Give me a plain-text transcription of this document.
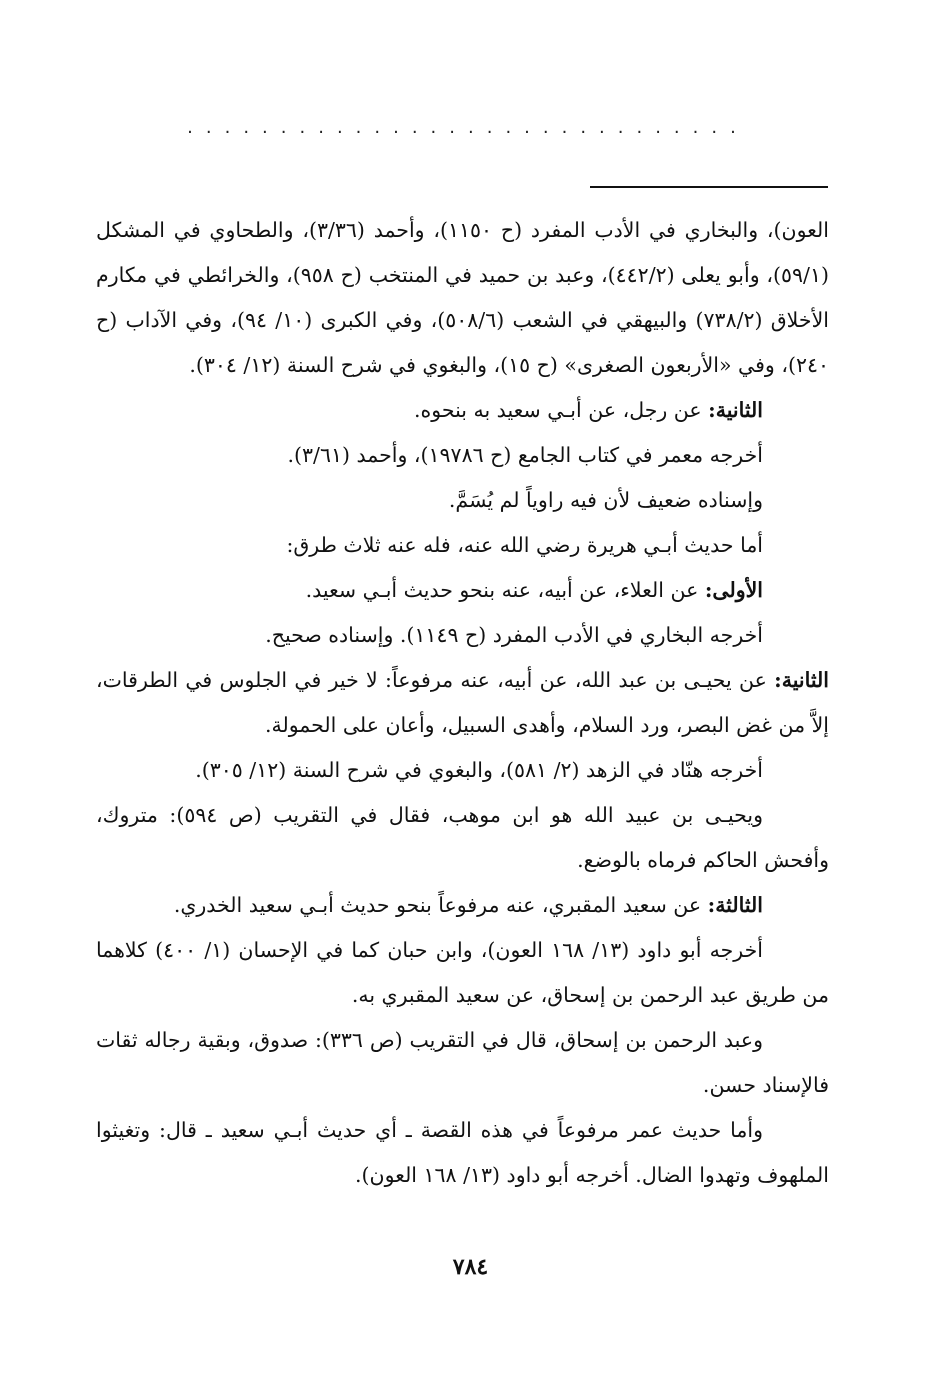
..............................

العون)، والبخاري في الأدب المفرد (ح ١١٥٠)، وأحمد (٣/٣٦)، والطحاوي في المشكل (٥٩/١)، وأبو يعلى (٤٤٢/٢)، وعبد بن حميد في المنتخب (ح ٩٥٨)، والخرائطي في مكارم الأخلاق (٧٣٨/٢) والبيهقي في الشعب (٥٠٨/٦)، وفي الكبرى (١٠/ ٩٤)، وفي الآداب (ح ٢٤٠)، وفي «الأربعون الصغرى» (ح ١٥)، والبغوي في شرح السنة (١٢/ ٣٠٤).

الثانية: عن رجل، عن أبـي سعيد به بنحوه.

أخرجه معمر في كتاب الجامع (ح ١٩٧٨٦)، وأحمد (٣/٦١).

وإسناده ضعيف لأن فيه راوياً لم يُسَمَّ.

أما حديث أبـي هريرة رضي الله عنه، فله عنه ثلاث طرق:

الأولى: عن العلاء، عن أبيه، عنه بنحو حديث أبـي سعيد.

أخرجه البخاري في الأدب المفرد (ح ١١٤٩). وإسناده صحيح.

الثانية: عن يحيـى بن عبد الله، عن أبيه، عنه مرفوعاً: لا خير في الجلوس في الطرقات، إلاَّ من غض البصر، ورد السلام، وأهدى السبيل، وأعان على الحمولة.

أخرجه هنّاد في الزهد (٢/ ٥٨١)، والبغوي في شرح السنة (١٢/ ٣٠٥).

ويحيـى بن عبيد الله هو ابن موهب، فقال في التقريب (ص ٥٩٤): متروك، وأفحش الحاكم فرماه بالوضع.

الثالثة: عن سعيد المقبري، عنه مرفوعاً بنحو حديث أبـي سعيد الخدري.

أخرجه أبو داود (١٣/ ١٦٨ العون)، وابن حبان كما في الإحسان (١/ ٤٠٠) كلاهما من طريق عبد الرحمن بن إسحاق، عن سعيد المقبري به.

وعبد الرحمن بن إسحاق، قال في التقريب (ص ٣٣٦): صدوق، وبقية رجاله ثقات فالإسناد حسن.

وأما حديث عمر مرفوعاً في هذه القصة ـ أي حديث أبـي سعيد ـ قال: وتغيثوا الملهوف وتهدوا الضال. أخرجه أبو داود (١٣/ ١٦٨ العون).

٧٨٤
